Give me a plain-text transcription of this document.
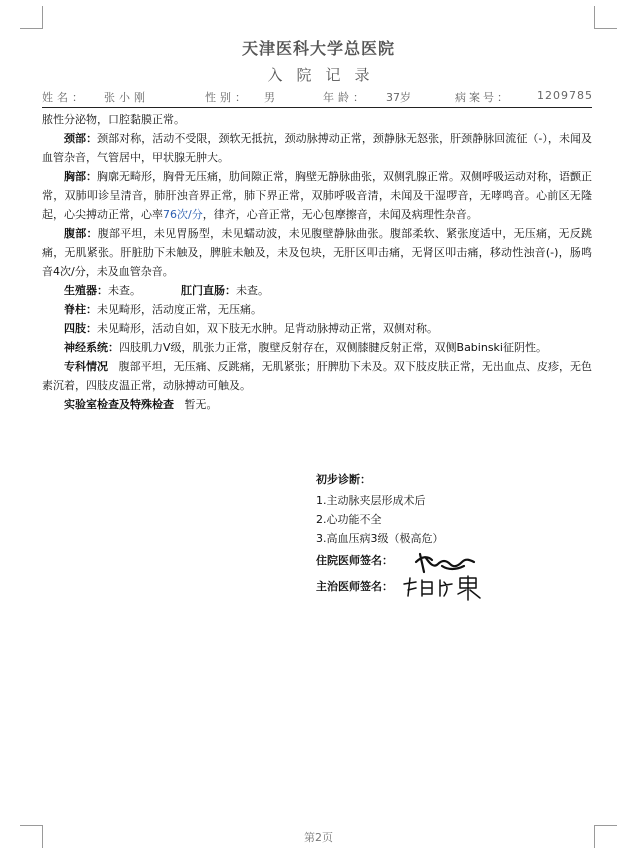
天津医科大学总医院
入院记录
姓名： 张小刚	性别： 男	年龄： 37岁	病案号： 1209785

脓性分泌物，口腔黏膜正常。

颈部：颈部对称，活动不受限，颈软无抵抗，颈动脉搏动正常，颈静脉无怒张，肝颈静脉回流征（-），未闻及血管杂音，气管居中，甲状腺无肿大。

胸部：胸廓无畸形，胸骨无压痛，肋间隙正常，胸壁无静脉曲张，双侧乳腺正常。双侧呼吸运动对称，语颤正常，双肺叩诊呈清音，肺肝浊音界正常，肺下界正常，双肺呼吸音清，未闻及干湿啰音，无哮鸣音。心前区无隆起，心尖搏动正常，心率76次/分，律齐，心音正常，无心包摩擦音，未闻及病理性杂音。

腹部：腹部平坦，未见胃肠型，未见蠕动波，未见腹壁静脉曲张。腹部柔软、紧张度适中，无压痛，无反跳痛，无肌紧张。肝脏肋下未触及，脾脏未触及，未及包块，无肝区叩击痛，无肾区叩击痛，移动性浊音(-)，肠鸣音4次/分，未及血管杂音。

生殖器：未查。	肛门直肠：未查。

脊柱：未见畸形，活动度正常，无压痛。

四肢：未见畸形，活动自如，双下肢无水肿。足背动脉搏动正常，双侧对称。

神经系统：四肢肌力V级，肌张力正常，腹壁反射存在，双侧膝腱反射正常，双侧Babinski征阴性。

专科情况 腹部平坦，无压痛、反跳痛，无肌紧张；肝脾肋下未及。双下肢皮肤正常，无出血点、皮疹，无色素沉着，四肢皮温正常，动脉搏动可触及。

实验室检查及特殊检查 暂无。

初步诊断：
1.主动脉夹层形成术后
2.心功能不全
3.高血压病3级（极高危）
住院医师签名：
主治医师签名：
第2页
